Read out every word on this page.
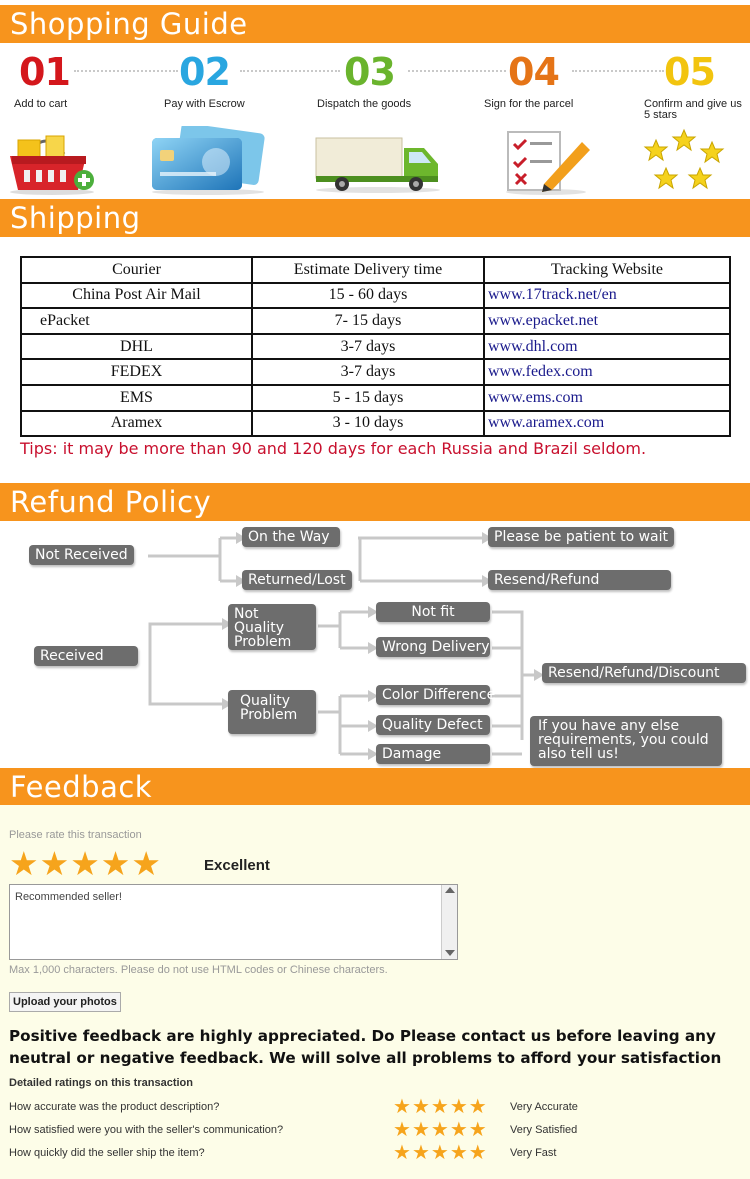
Shopping Guide
01
Add to cart
02
Pay with Escrow
03
Dispatch the goods
04
Sign for the parcel
05
Confirm and give us 5 stars
Shipping
Courier	Estimate Delivery time	Tracking Website
China Post Air Mail	15 - 60 days	www.17track.net/en
ePacket	7- 15 days	www.epacket.net
DHL	3-7 days	www.dhl.com
FEDEX	3-7 days	www.fedex.com
EMS	5 - 15 days	www.ems.com
Aramex	3 - 10 days	www.aramex.com
Tips: it may be more than 90 and 120 days for each Russia and Brazil seldom.
Refund Policy
Not Received
On the Way
Returned/Lost
Please be patient to wait
Resend/Refund
Received
Not Quality Problem
Quality Problem
Not fit
Wrong Delivery
Color Difference
Quality Defect
Damage
Resend/Refund/Discount
If you have any else requirements, you could also tell us!
Feedback
Please rate this transaction
★ ★ ★ ★ ★	Excellent
Recommended seller!
Max 1,000 characters. Please do not use HTML codes or Chinese characters.
Upload your photos
Positive feedback are highly appreciated. Do Please contact us before leaving any neutral or negative feedback. We will solve all problems to afford your satisfaction
Detailed ratings on this transaction
How accurate was the product description?	★ ★ ★ ★ ★ Very Accurate
How satisfied were you with the seller's communication?	★ ★ ★ ★ ★ Very Satisfied
How quickly did the seller ship the item?	★ ★ ★ ★ ★ Very Fast
